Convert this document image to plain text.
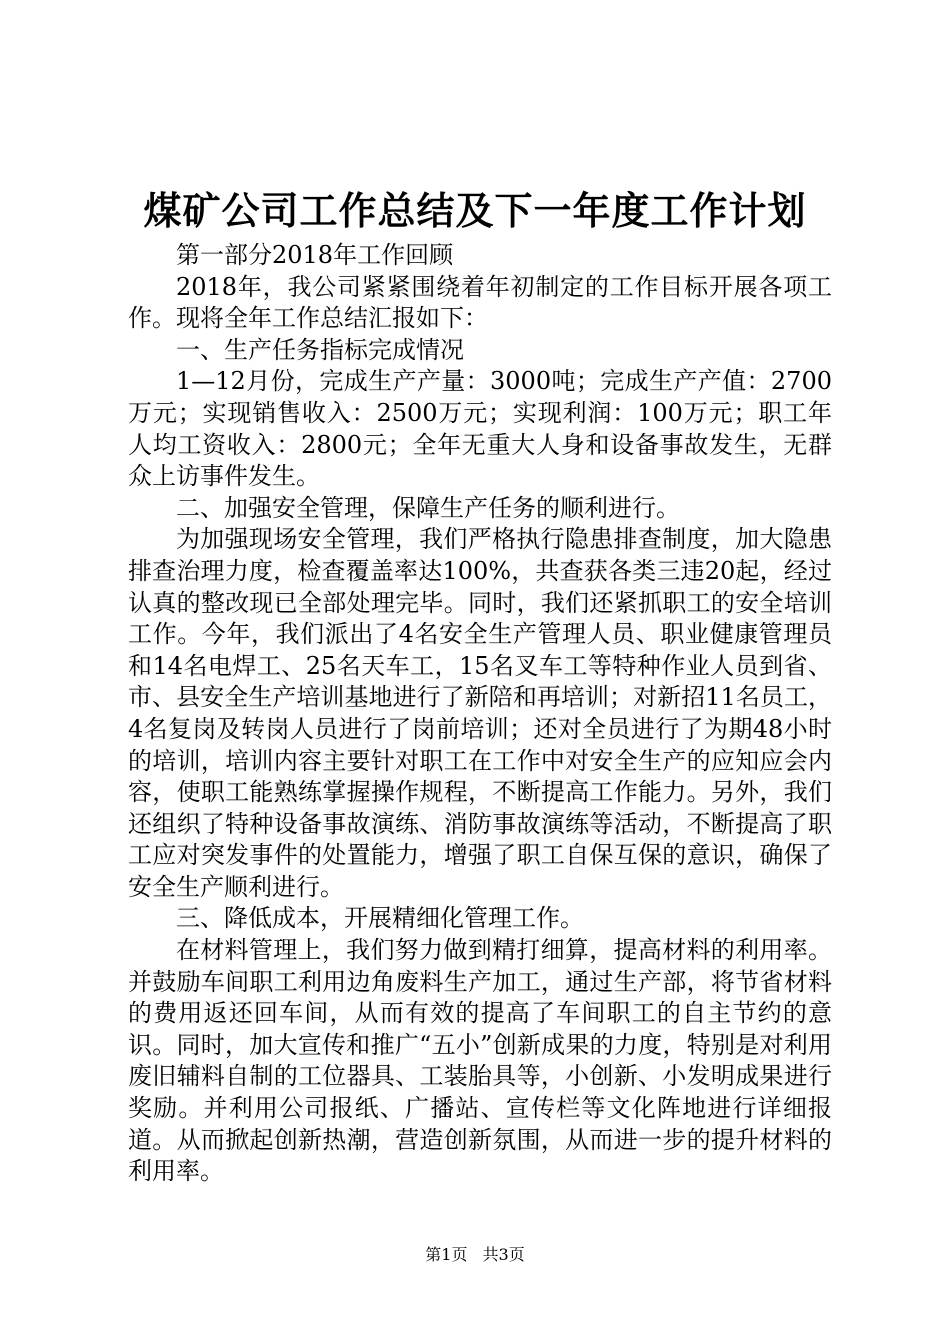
煤矿公司工作总结及下一年度工作计划

第一部分2018年工作回顾

2018年，我公司紧紧围绕着年初制定的工作目标开展各项工作。现将全年工作总结汇报如下：

一、生产任务指标完成情况

1—12月份，完成生产产量：3000吨；完成生产产值：2700万元；实现销售收入：2500万元；实现利润：100万元；职工年人均工资收入：2800元；全年无重大人身和设备事故发生，无群众上访事件发生。

二、加强安全管理，保障生产任务的顺利进行。

为加强现场安全管理，我们严格执行隐患排查制度，加大隐患排查治理力度，检查覆盖率达100%，共查获各类三违20起，经过认真的整改现已全部处理完毕。同时，我们还紧抓职工的安全培训工作。今年，我们派出了4名安全生产管理人员、职业健康管理员和14名电焊工、25名天车工，15名叉车工等特种作业人员到省、市、县安全生产培训基地进行了新陪和再培训；对新招11名员工，4名复岗及转岗人员进行了岗前培训；还对全员进行了为期48小时的培训，培训内容主要针对职工在工作中对安全生产的应知应会内容，使职工能熟练掌握操作规程，不断提高工作能力。另外，我们还组织了特种设备事故演练、消防事故演练等活动，不断提高了职工应对突发事件的处置能力，增强了职工自保互保的意识，确保了安全生产顺利进行。

三、降低成本，开展精细化管理工作。

在材料管理上，我们努力做到精打细算，提高材料的利用率。并鼓励车间职工利用边角废料生产加工，通过生产部，将节省材料的费用返还回车间，从而有效的提高了车间职工的自主节约的意识。同时，加大宣传和推广“五小”创新成果的力度，特别是对利用废旧辅料自制的工位器具、工装胎具等，小创新、小发明成果进行奖励。并利用公司报纸、广播站、宣传栏等文化阵地进行详细报道。从而掀起创新热潮，营造创新氛围，从而进一步的提升材料的利用率。

第1页 共3页
